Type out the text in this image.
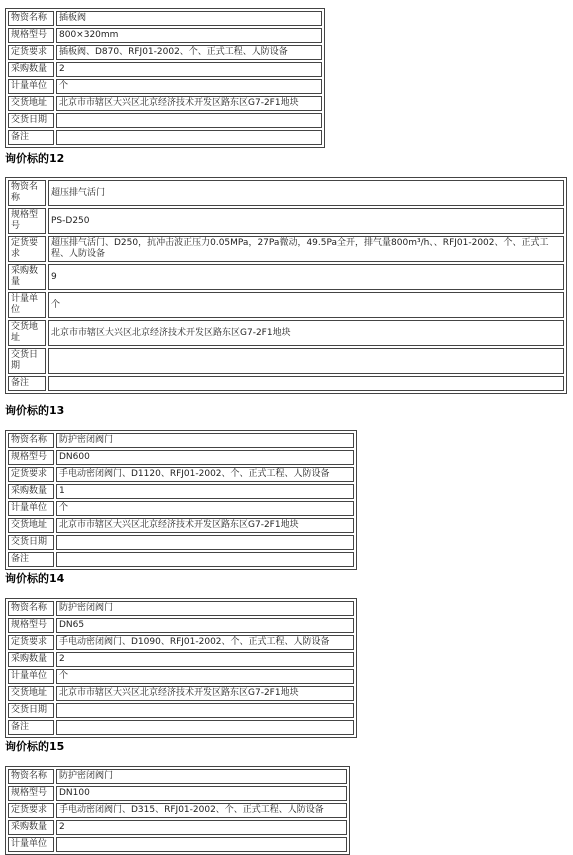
物资名称	插板阀
规格型号	800×320mm
定货要求	插板阀、D870、RFJ01-2002、个、正式工程、人防设备
采购数量	2
计量单位	个
交货地址	北京市市辖区大兴区北京经济技术开发区路东区G7-2F1地块
交货日期	
备注	
询价标的12
物资名称	超压排气活门
规格型号	PS-D250
定货要求	超压排气活门、D250，抗冲击波正压力0.05MPa，27Pa微动，49.5Pa全开，排气量800m³/h、、RFJ01-2002、个、正式工程、人防设备
采购数量	9
计量单位	个
交货地址	北京市市辖区大兴区北京经济技术开发区路东区G7-2F1地块
交货日期	
备注	
询价标的13
物资名称	防护密闭阀门
规格型号	DN600
定货要求	手电动密闭阀门、D1120、RFJ01-2002、个、正式工程、人防设备
采购数量	1
计量单位	个
交货地址	北京市市辖区大兴区北京经济技术开发区路东区G7-2F1地块
交货日期	
备注	
询价标的14
物资名称	防护密闭阀门
规格型号	DN65
定货要求	手电动密闭阀门、D1090、RFJ01-2002、个、正式工程、人防设备
采购数量	2
计量单位	个
交货地址	北京市市辖区大兴区北京经济技术开发区路东区G7-2F1地块
交货日期	
备注	
询价标的15
物资名称	防护密闭阀门
规格型号	DN100
定货要求	手电动密闭阀门、D315、RFJ01-2002、个、正式工程、人防设备
采购数量	2
计量单位	
